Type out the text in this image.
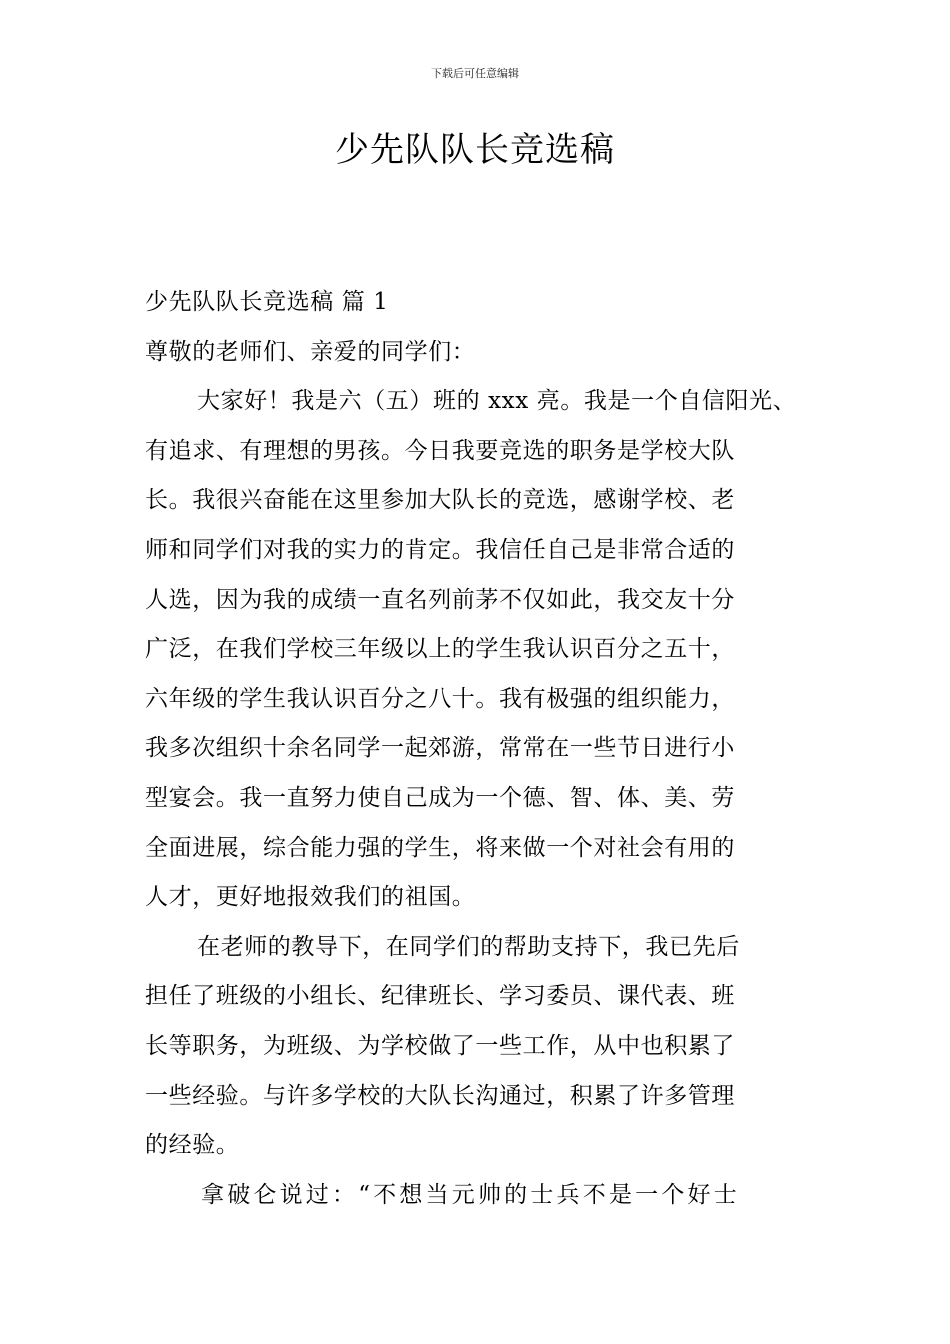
下载后可任意编辑
少先队队长竞选稿
少先队队长竞选稿 篇 1
尊敬的老师们、亲爱的同学们：
大家好！我是六（五）班的 xxx 亮。我是一个自信阳光、
有追求、有理想的男孩。今日我要竞选的职务是学校大队
长。我很兴奋能在这里参加大队长的竞选，感谢学校、老
师和同学们对我的实力的肯定。我信任自己是非常合适的
人选，因为我的成绩一直名列前茅不仅如此，我交友十分
广泛，在我们学校三年级以上的学生我认识百分之五十，
六年级的学生我认识百分之八十。我有极强的组织能力，
我多次组织十余名同学一起郊游，常常在一些节日进行小
型宴会。我一直努力使自己成为一个德、智、体、美、劳
全面进展，综合能力强的学生，将来做一个对社会有用的
人才，更好地报效我们的祖国。
在老师的教导下，在同学们的帮助支持下，我已先后
担任了班级的小组长、纪律班长、学习委员、课代表、班
长等职务，为班级、为学校做了一些工作，从中也积累了
一些经验。与许多学校的大队长沟通过，积累了许多管理
的经验。
拿破仑说过：“不想当元帅的士兵不是一个好士
